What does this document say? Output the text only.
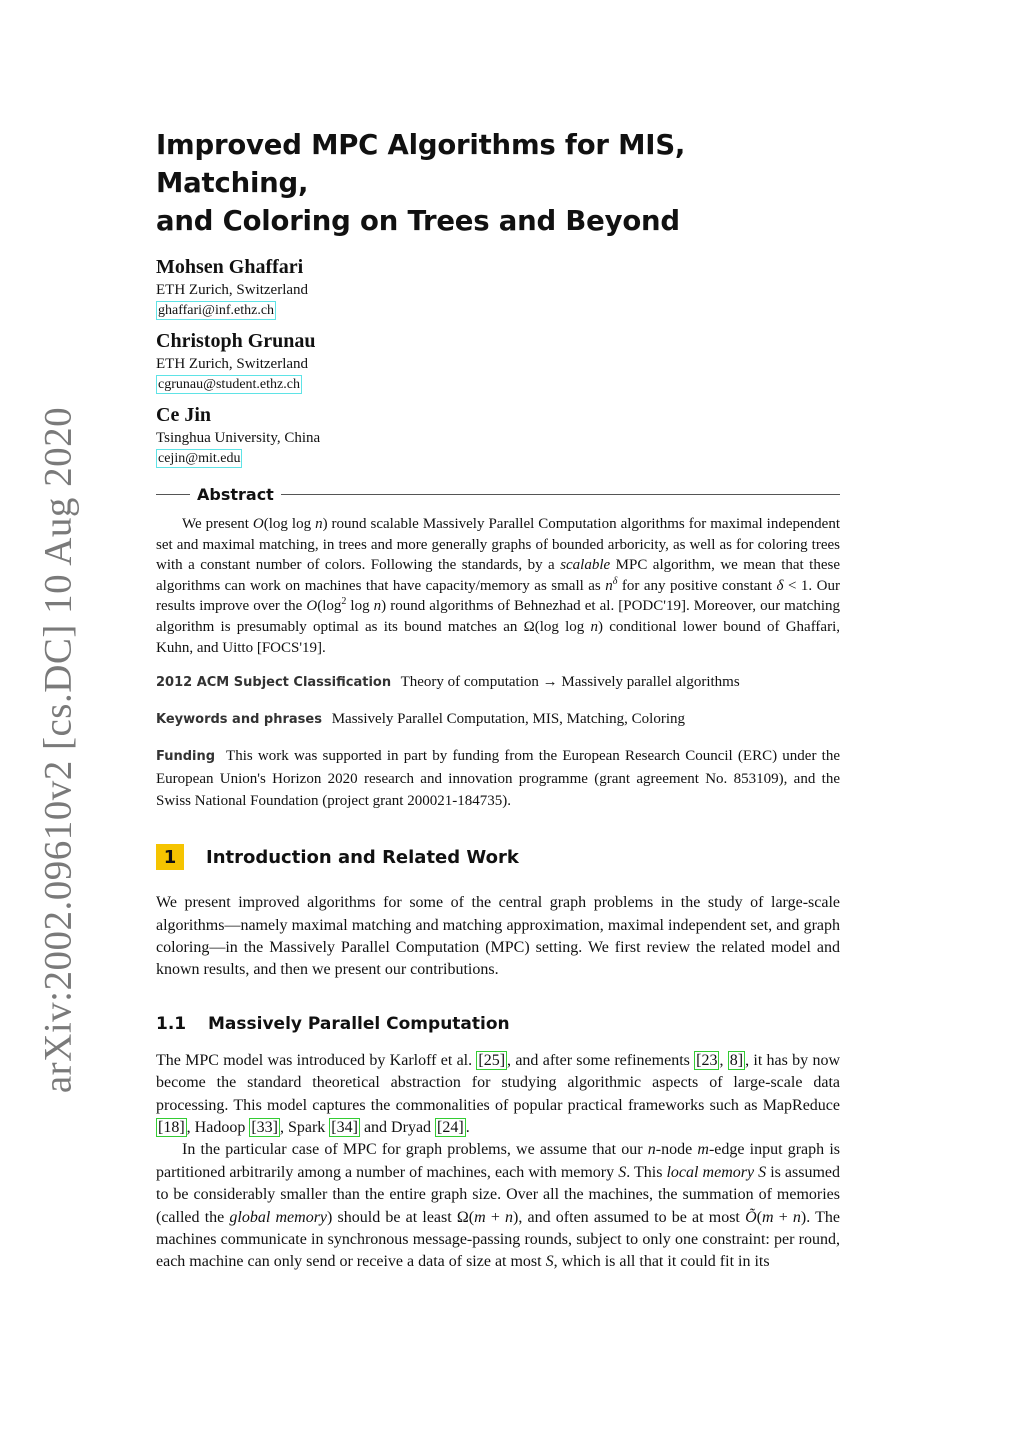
arXiv:2002.09610v2 [cs.DC] 10 Aug 2020
Improved MPC Algorithms for MIS, Matching,
and Coloring on Trees and Beyond
Mohsen Ghaffari
ETH Zurich, Switzerland
ghaffari@inf.ethz.ch
Christoph Grunau
ETH Zurich, Switzerland
cgrunau@student.ethz.ch
Ce Jin
Tsinghua University, China
cejin@mit.edu
Abstract

We present O(log log n) round scalable Massively Parallel Computation algorithms for maximal independent set and maximal matching, in trees and more generally graphs of bounded arboricity, as well as for coloring trees with a constant number of colors. Following the standards, by a scalable MPC algorithm, we mean that these algorithms can work on machines that have capacity/memory as small as $n^\delta$ for any positive constant δ < 1. Our results improve over the $O(\log^2$ log n) round algorithms of Behnezhad et al. [PODC'19]. Moreover, our matching algorithm is presumably optimal as its bound matches an Ω(log log n) conditional lower bound of Ghaffari, Kuhn, and Uitto [FOCS'19].

2012 ACM Subject Classification Theory of computation → Massively parallel algorithms

Keywords and phrases Massively Parallel Computation, MIS, Matching, Coloring

Funding This work was supported in part by funding from the European Research Council (ERC) under the European Union's Horizon 2020 research and innovation programme (grant agreement No. 853109), and the Swiss National Foundation (project grant 200021-184735).

1	Introduction and Related Work

We present improved algorithms for some of the central graph problems in the study of large-scale algorithms—namely maximal matching and matching approximation, maximal independent set, and graph coloring—in the Massively Parallel Computation (MPC) setting. We first review the related model and known results, and then we present our contributions.

1.1	Massively Parallel Computation

The MPC model was introduced by Karloff et al. [25] , and after some refinements [23 , 8] , it has by now become the standard theoretical abstraction for studying algorithmic aspects of large-scale data processing. This model captures the commonalities of popular practical frameworks such as MapReduce [18] , Hadoop [33] , Spark [34] and Dryad [24] .

In the particular case of MPC for graph problems, we assume that our n-node m-edge input graph is partitioned arbitrarily among a number of machines, each with memory S. This local memory S is assumed to be considerably smaller than the entire graph size. Over all the machines, the summation of memories (called the global memory) should be at least Ω(m + n), and often assumed to be at most Õ(m + n). The machines communicate in synchronous message-passing rounds, subject to only one constraint: per round, each machine can only send or receive a data of size at most S, which is all that it could fit in its
